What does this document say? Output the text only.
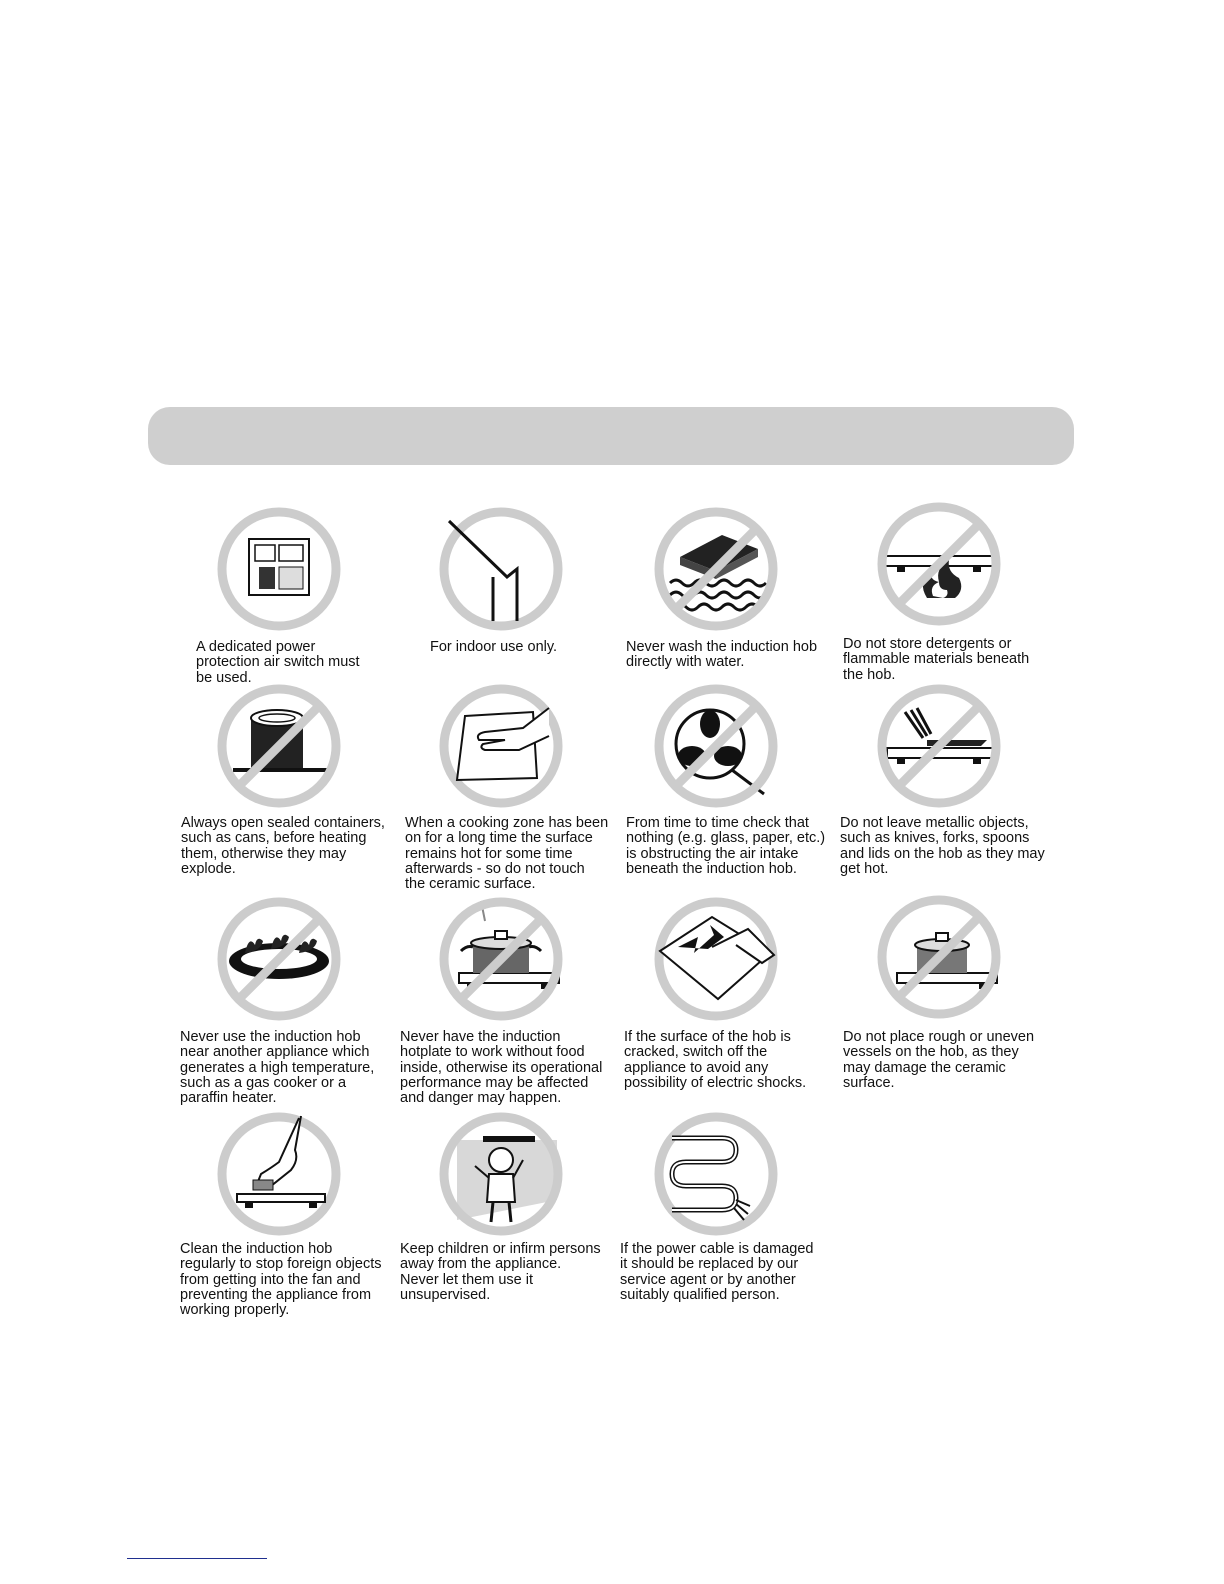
A dedicated power
protection air switch must
be used.
For indoor use only.	Never wash the induction hob
directly with water.
Do not store detergents or
flammable materials beneath
the hob.
Always open sealed containers,
such as cans, before heating
them, otherwise they may
explode.
When a cooking zone has been
on for a long time the surface
remains hot for some time
afterwards - so do not touch
the ceramic surface.
From time to time check that
nothing (e.g. glass, paper, etc.)
is obstructing the air intake
beneath the induction hob.
Do not leave metallic objects,
such as knives, forks, spoons
and lids on the hob as they may
get hot.
Never use the induction hob
near another appliance which
generates a high temperature,
such as a gas cooker or a
paraffin heater.
Never have the induction
hotplate to work without food
inside, otherwise its operational
performance may be affected
and danger may happen.
If the surface of the hob is
cracked, switch off the
appliance to avoid any
possibility of electric shocks.
Do not place rough or uneven
vessels on the hob, as they
may damage the ceramic
surface.
Clean the induction hob
regularly to stop foreign objects
from getting into the fan and
preventing the appliance from
working properly.
Keep children or infirm persons
away from the appliance.
Never let them use it
unsupervised.
If the power cable is damaged
it should be replaced by our
service agent or by another
suitably qualified person.
